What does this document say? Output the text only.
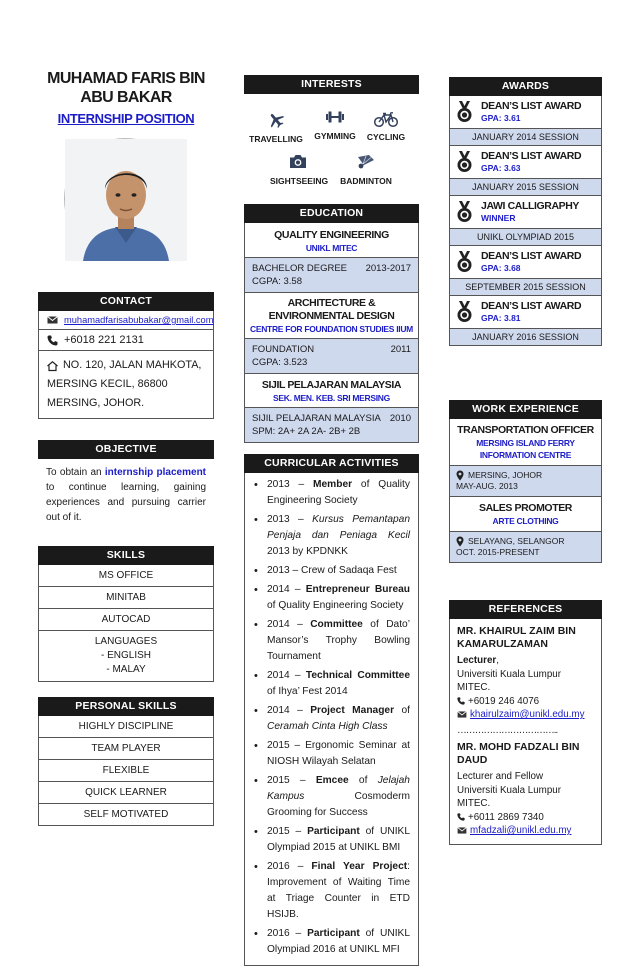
MUHAMAD FARIS BIN
ABU BAKAR
INTERNSHIP POSITION
CONTACT
muhamadfarisabubakar@gmail.com
+6018 221 2131
NO. 120, JALAN MAHKOTA,
MERSING KECIL, 86800
MERSING, JOHOR.
OBJECTIVE
To obtain an internship placement to continue learning, gaining experiences and pursuing carrier out of it.
SKILLS
MS OFFICE
MINITAB
AUTOCAD
LANGUAGES
- ENGLISH
- MALAY
PERSONAL SKILLS
HIGHLY DISCIPLINE
TEAM PLAYER
FLEXIBLE
QUICK LEARNER
SELF MOTIVATED
INTERESTS
TRAVELLING	GYMMING	CYCLING
SIGHTSEEING BADMINTON
EDUCATION
QUALITY ENGINEERING
UNIKL MITEC
BACHELOR DEGREE 2013-2017
CGPA: 3.58
ARCHITECTURE & ENVIRONMENTAL DESIGN
CENTRE FOR FOUNDATION STUDIES IIUM
FOUNDATION	2011
CGPA: 3.523
SIJIL PELAJARAN MALAYSIA
SEK. MEN. KEB. SRI MERSING
SIJIL PELAJARAN MALAYSIA 2010
SPM: 2A+ 2A 2A- 2B+ 2B
CURRICULAR ACTIVITIES
• 2013 – Member of Quality Engineering Society
• 2013 – Kursus Pemantapan Penjaja dan Peniaga Kecil 2013 by KPDNKK
• 2013 – Crew of Sadaqa Fest
• 2014 – Entrepreneur Bureau of Quality Engineering Society
• 2014 – Committee of Dato’ Mansor’s Trophy Bowling Tournament
• 2014 – Technical Committee of Ihya’ Fest 2014
• 2014 – Project Manager of Ceramah Cinta High Class
• 2015 – Ergonomic Seminar at NIOSH Wilayah Selatan
• 2015 – Emcee of Jelajah Kampus Cosmoderm Grooming for Success
• 2015 – Participant of UNIKL Olympiad 2015 at UNIKL BMI
• 2016 – Final Year Project: Improvement of Waiting Time at Triage Counter in ETD HSIJB.
• 2016 – Participant of UNIKL Olympiad 2016 at UNIKL MFI
AWARDS
DEAN’S LIST AWARD
GPA: 3.61
JANUARY 2014 SESSION
DEAN’S LIST AWARD
GPA: 3.63
JANUARY 2015 SESSION
JAWI CALLIGRAPHY
WINNER
UNIKL OLYMPIAD 2015
DEAN’S LIST AWARD
GPA: 3.68
SEPTEMBER 2015 SESSION
DEAN’S LIST AWARD
GPA: 3.81
JANUARY 2016 SESSION
WORK EXPERIENCE
TRANSPORTATION OFFICER
MERSING ISLAND FERRY
INFORMATION CENTRE
MERSING, JOHOR
MAY-AUG. 2013
SALES PROMOTER
ARTE CLOTHING
SELAYANG, SELANGOR
OCT. 2015-PRESENT
REFERENCES
MR. KHAIRUL ZAIM BIN
KAMARULZAMAN
Lecturer,
Universiti Kuala Lumpur MITEC.
+6019 246 4076
khairulzaim@unikl.edu.my
……………………………..
MR. MOHD FADZALI BIN
DAUD
Lecturer and Fellow
Universiti Kuala Lumpur MITEC.
+6011 2869 7340
mfadzali@unikl.edu.my
